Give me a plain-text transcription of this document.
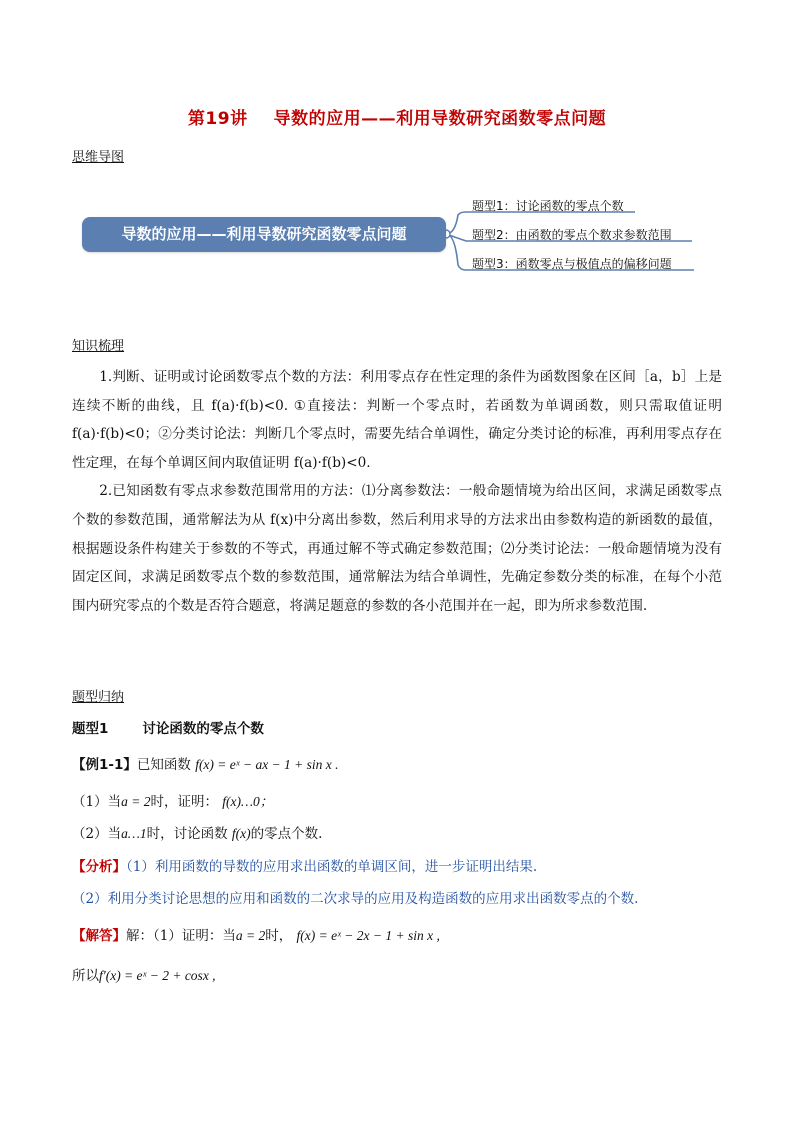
第19讲 导数的应用——利用导数研究函数零点问题
思维导图
导数的应用——利用导数研究函数零点问题
题型1：讨论函数的零点个数
题型2：由函数的零点个数求参数范围
题型3：函数零点与极值点的偏移问题
知识梳理

1.判断、证明或讨论函数零点个数的方法：利用零点存在性定理的条件为函数图象在区间［a，b］上是连续不断的曲线，且 f(a)·f(b)<0. ①直接法：判断一个零点时，若函数为单调函数，则只需取值证明 f(a)·f(b)<0；②分类讨论法：判断几个零点时，需要先结合单调性，确定分类讨论的标准，再利用零点存在性定理，在每个单调区间内取值证明 f(a)·f(b)<0.

2.已知函数有零点求参数范围常用的方法：⑴分离参数法：一般命题情境为给出区间，求满足函数零点个数的参数范围，通常解法为从 f(x)中分离出参数，然后利用求导的方法求出由参数构造的新函数的最值，根据题设条件构建关于参数的不等式，再通过解不等式确定参数范围；⑵分类讨论法：一般命题情境为没有固定区间，求满足函数零点个数的参数范围，通常解法为结合单调性，先确定参数分类的标准，在每个小范围内研究零点的个数是否符合题意，将满足题意的参数的各小范围并在一起，即为所求参数范围.

题型归纳
题型1	讨论函数的零点个数
【例1-1】已知函数 f(x) = eˣ − ax − 1 + sin x .
（1）当a = 2时，证明： f(x)…0；
（2）当a…1时，讨论函数 f(x)的零点个数.
【分析】（1）利用函数的导数的应用求出函数的单调区间，进一步证明出结果.
（2）利用分类讨论思想的应用和函数的二次求导的应用及构造函数的应用求出函数零点的个数.
【解答】解：（1）证明：当a = 2时， f(x) = eˣ − 2x − 1 + sin x ,
所以f′(x) = eˣ − 2 + cosx ,
